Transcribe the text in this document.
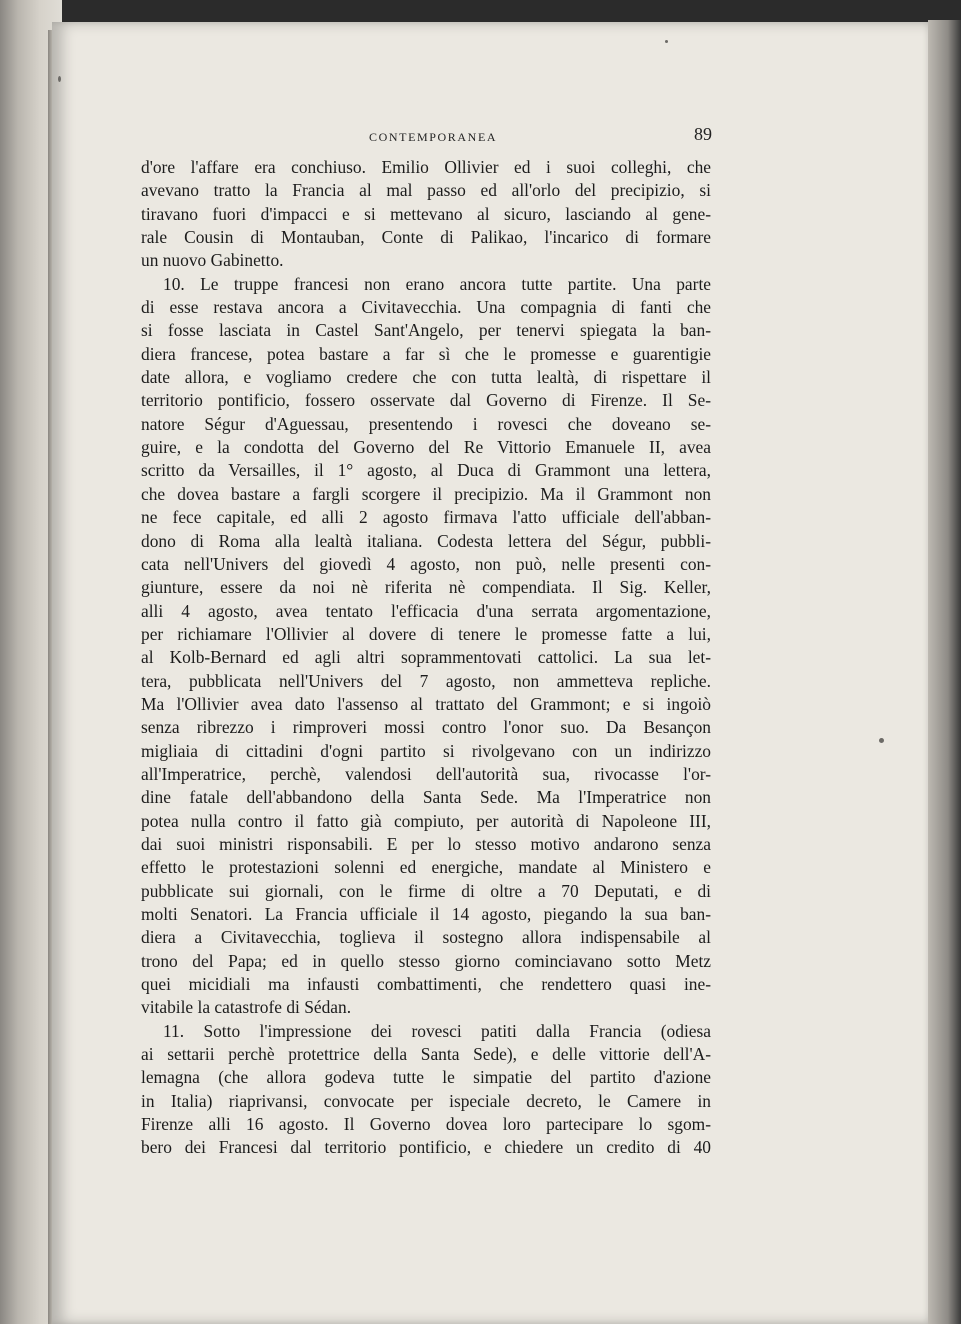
CONTEMPORANEA	89
d'ore l'affare era conchiuso. Emilio Ollivier ed i suoi colleghi, che
avevano tratto la Francia al mal passo ed all'orlo del precipizio, si
tiravano fuori d'impacci e si mettevano al sicuro, lasciando al gene-
rale Cousin di Montauban, Conte di Palikao, l'incarico di formare
un nuovo Gabinetto.
10. Le truppe francesi non erano ancora tutte partite. Una parte
di esse restava ancora a Civitavecchia. Una compagnia di fanti che
si fosse lasciata in Castel Sant'Angelo, per tenervi spiegata la ban-
diera francese, potea bastare a far sì che le promesse e guarentigie
date allora, e vogliamo credere che con tutta lealtà, di rispettare il
territorio pontificio, fossero osservate dal Governo di Firenze. Il Se-
natore Ségur d'Aguessau, presentendo i rovesci che doveano se-
guire, e la condotta del Governo del Re Vittorio Emanuele II, avea
scritto da Versailles, il 1° agosto, al Duca di Grammont una lettera,
che dovea bastare a fargli scorgere il precipizio. Ma il Grammont non
ne fece capitale, ed alli 2 agosto firmava l'atto ufficiale dell'abban-
dono di Roma alla lealtà italiana. Codesta lettera del Ségur, pubbli-
cata nell'Univers del giovedì 4 agosto, non può, nelle presenti con-
giunture, essere da noi nè riferita nè compendiata. Il Sig. Keller,
alli 4 agosto, avea tentato l'efficacia d'una serrata argomentazione,
per richiamare l'Ollivier al dovere di tenere le promesse fatte a lui,
al Kolb-Bernard ed agli altri soprammentovati cattolici. La sua let-
tera, pubblicata nell'Univers del 7 agosto, non ammetteva repliche.
Ma l'Ollivier avea dato l'assenso al trattato del Grammont; e si ingoiò
senza ribrezzo i rimproveri mossi contro l'onor suo. Da Besançon
migliaia di cittadini d'ogni partito si rivolgevano con un indirizzo
all'Imperatrice, perchè, valendosi dell'autorità sua, rivocasse l'or-
dine fatale dell'abbandono della Santa Sede. Ma l'Imperatrice non
potea nulla contro il fatto già compiuto, per autorità di Napoleone III,
dai suoi ministri risponsabili. E per lo stesso motivo andarono senza
effetto le protestazioni solenni ed energiche, mandate al Ministero e
pubblicate sui giornali, con le firme di oltre a 70 Deputati, e di
molti Senatori. La Francia ufficiale il 14 agosto, piegando la sua ban-
diera a Civitavecchia, toglieva il sostegno allora indispensabile al
trono del Papa; ed in quello stesso giorno cominciavano sotto Metz
quei micidiali ma infausti combattimenti, che rendettero quasi ine-
vitabile la catastrofe di Sédan.
11. Sotto l'impressione dei rovesci patiti dalla Francia (odiesa
ai settarii perchè protettrice della Santa Sede), e delle vittorie dell'A-
lemagna (che allora godeva tutte le simpatie del partito d'azione
in Italia) riaprivansi, convocate per ispeciale decreto, le Camere in
Firenze alli 16 agosto. Il Governo dovea loro partecipare lo sgom-
bero dei Francesi dal territorio pontificio, e chiedere un credito di 40
